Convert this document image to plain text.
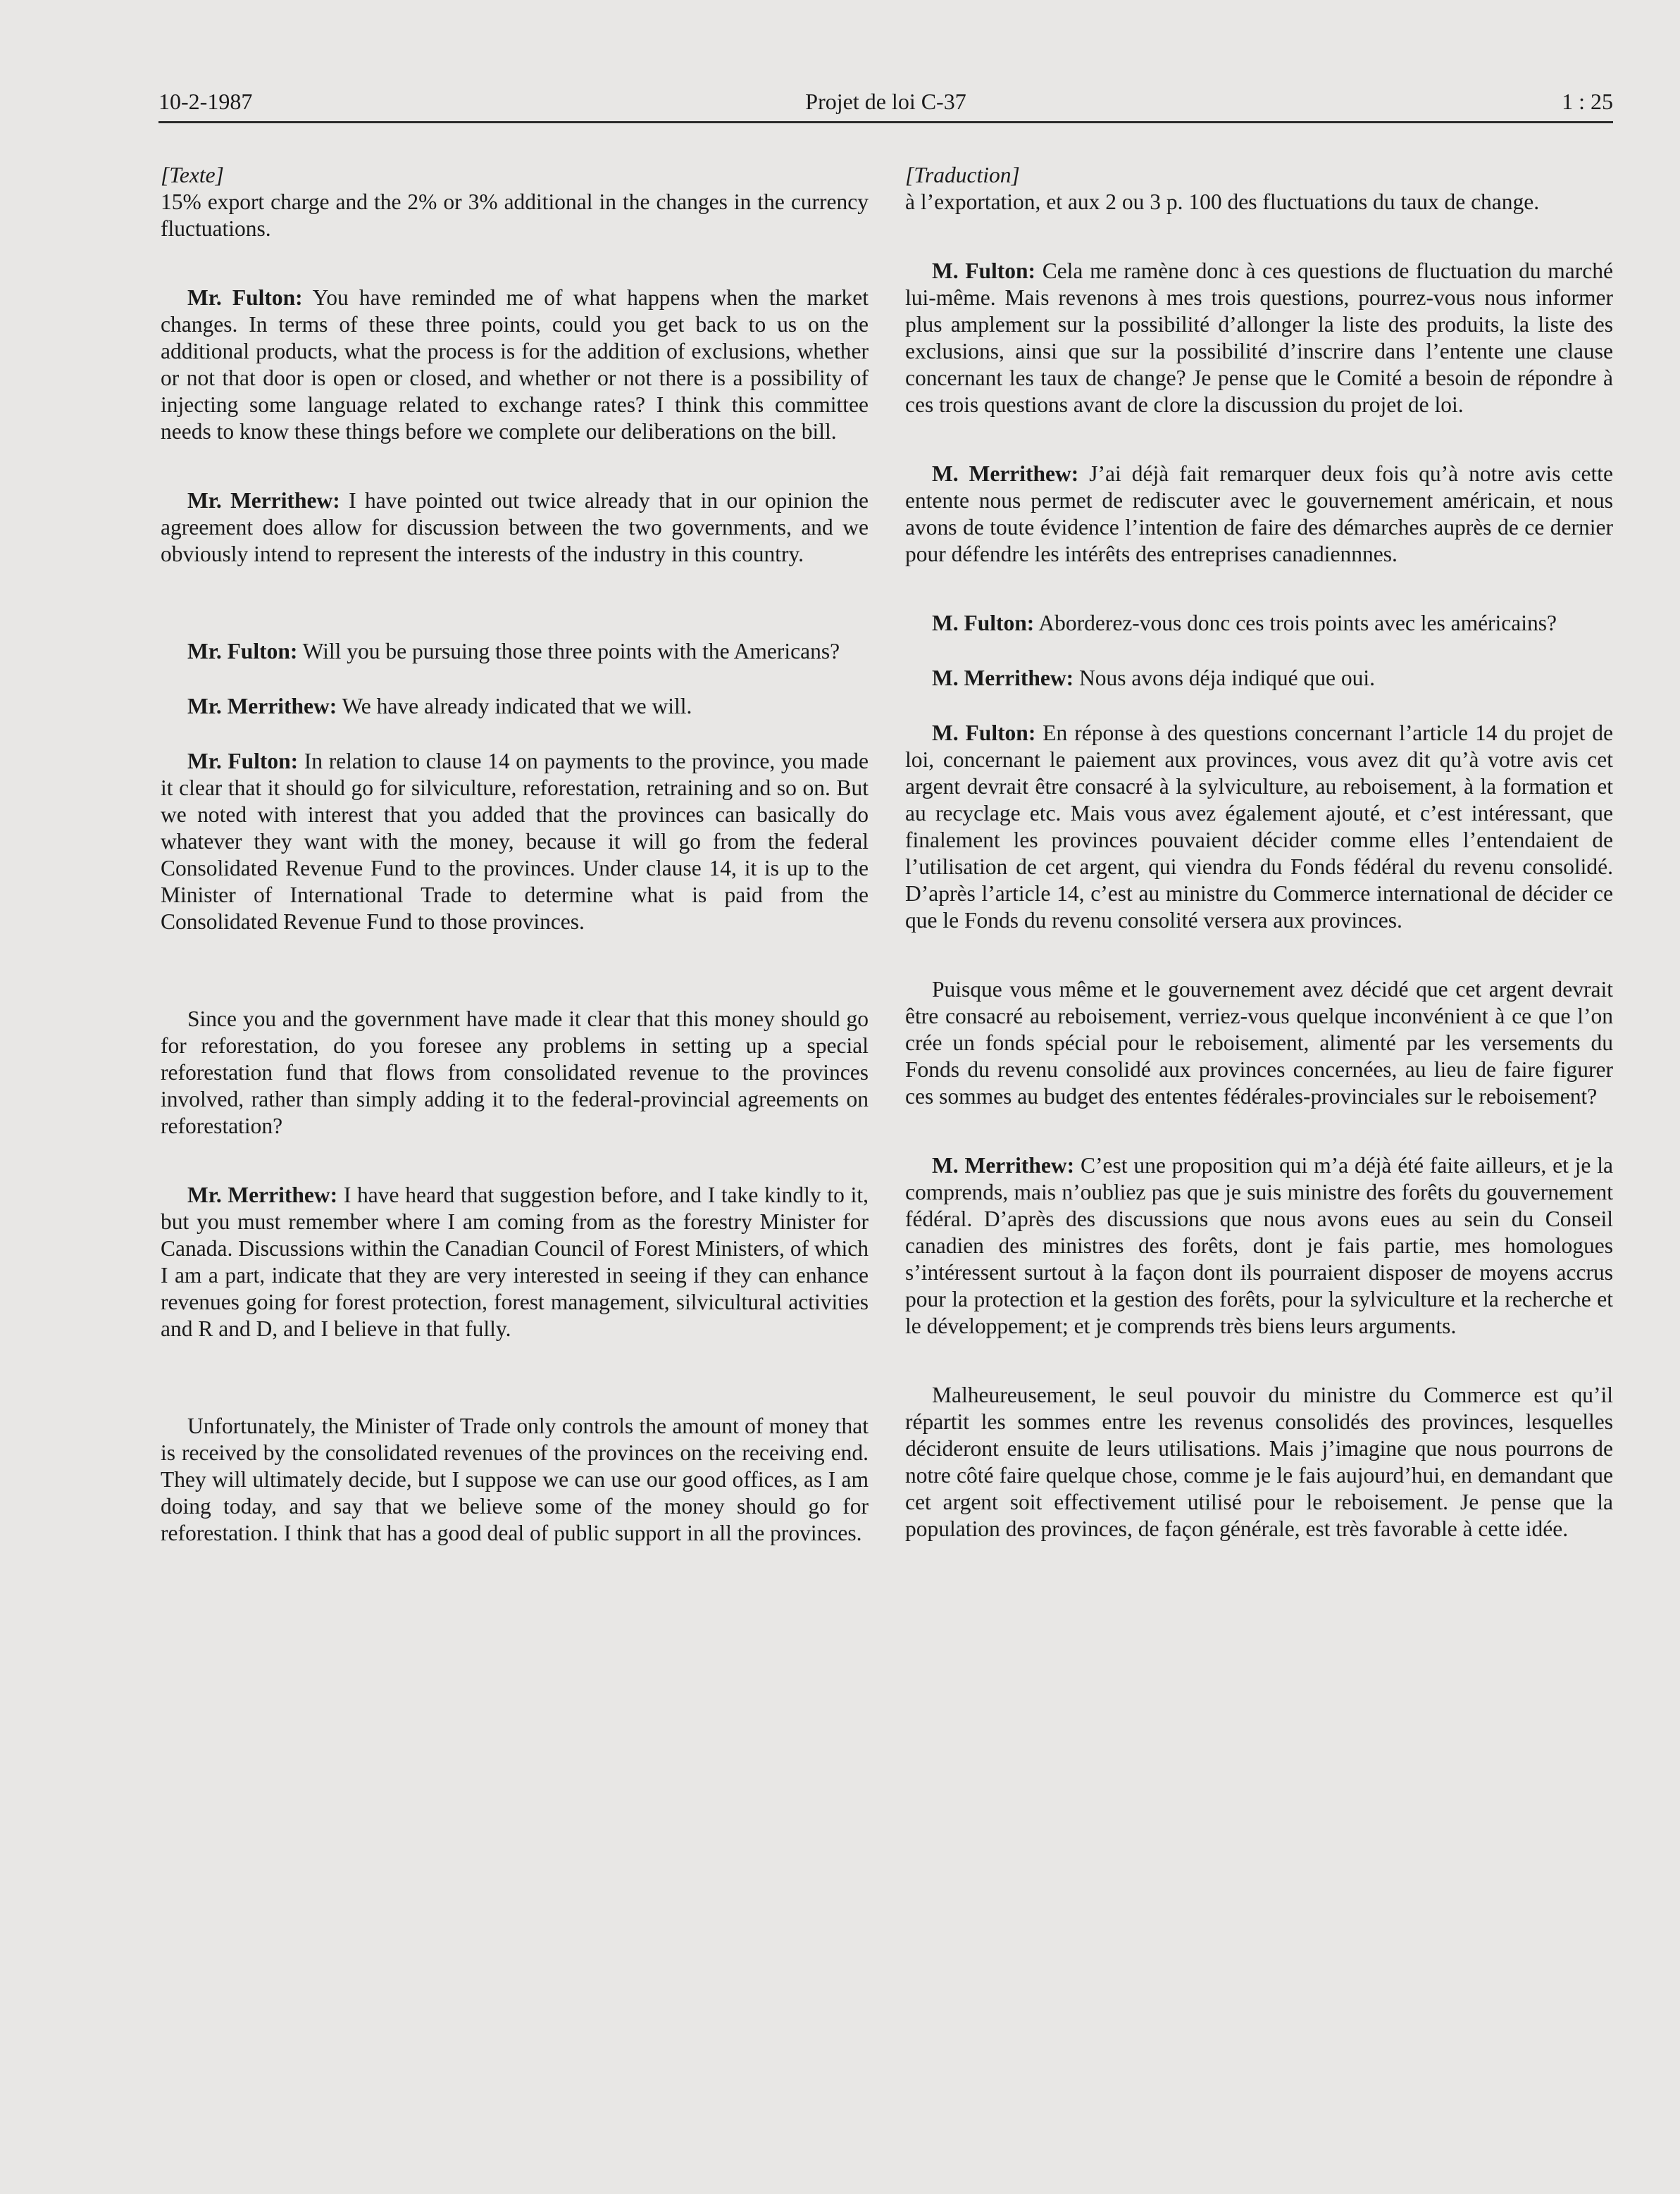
10-2-1987	Projet de loi C-37	1 : 25

[Texte]

15% export charge and the 2% or 3% additional in the changes in the currency fluctuations.

Mr. Fulton: You have reminded me of what happens when the market changes. In terms of these three points, could you get back to us on the additional products, what the process is for the addition of exclusions, whether or not that door is open or closed, and whether or not there is a possibility of injecting some language related to exchange rates? I think this committee needs to know these things before we complete our deliberations on the bill.

Mr. Merrithew: I have pointed out twice already that in our opinion the agreement does allow for discussion between the two governments, and we obviously intend to represent the interests of the industry in this country.

Mr. Fulton: Will you be pursuing those three points with the Americans?

Mr. Merrithew: We have already indicated that we will.

Mr. Fulton: In relation to clause 14 on payments to the province, you made it clear that it should go for silviculture, reforestation, retraining and so on. But we noted with interest that you added that the provinces can basically do whatever they want with the money, because it will go from the federal Consolidated Revenue Fund to the provinces. Under clause 14, it is up to the Minister of International Trade to determine what is paid from the Consolidated Revenue Fund to those provinces.

Since you and the government have made it clear that this money should go for reforestation, do you foresee any problems in setting up a special reforestation fund that flows from consolidated revenue to the provinces involved, rather than simply adding it to the federal-provincial agreements on reforestation?

Mr. Merrithew: I have heard that suggestion before, and I take kindly to it, but you must remember where I am coming from as the forestry Minister for Canada. Discussions within the Canadian Council of Forest Ministers, of which I am a part, indicate that they are very interested in seeing if they can enhance revenues going for forest protection, forest management, silvicultural activities and R and D, and I believe in that fully.

Unfortunately, the Minister of Trade only controls the amount of money that is received by the consolidated revenues of the provinces on the receiving end. They will ultimately decide, but I suppose we can use our good offices, as I am doing today, and say that we believe some of the money should go for reforestation. I think that has a good deal of public support in all the provinces.

[Traduction]

à l’exportation, et aux 2 ou 3 p. 100 des fluctuations du taux de change.

M. Fulton: Cela me ramène donc à ces questions de fluctuation du marché lui-même. Mais revenons à mes trois questions, pourrez-vous nous informer plus amplement sur la possibilité d’allonger la liste des produits, la liste des exclusions, ainsi que sur la possibilité d’inscrire dans l’entente une clause concernant les taux de change? Je pense que le Comité a besoin de répondre à ces trois questions avant de clore la discussion du projet de loi.

M. Merrithew: J’ai déjà fait remarquer deux fois qu’à notre avis cette entente nous permet de rediscuter avec le gouvernement américain, et nous avons de toute évidence l’intention de faire des démarches auprès de ce dernier pour défendre les intérêts des entreprises canadiennnes.

M. Fulton: Aborderez-vous donc ces trois points avec les américains?

M. Merrithew: Nous avons déja indiqué que oui.

M. Fulton: En réponse à des questions concernant l’article 14 du projet de loi, concernant le paiement aux provinces, vous avez dit qu’à votre avis cet argent devrait être consacré à la sylviculture, au reboisement, à la formation et au recyclage etc. Mais vous avez également ajouté, et c’est intéressant, que finalement les provinces pouvaient décider comme elles l’entendaient de l’utilisation de cet argent, qui viendra du Fonds fédéral du revenu consolidé. D’après l’article 14, c’est au ministre du Commerce international de décider ce que le Fonds du revenu consolité versera aux provinces.

Puisque vous même et le gouvernement avez décidé que cet argent devrait être consacré au reboisement, verriez-vous quelque inconvénient à ce que l’on crée un fonds spécial pour le reboisement, alimenté par les versements du Fonds du revenu consolidé aux provinces concernées, au lieu de faire figurer ces sommes au budget des ententes fédérales-provinciales sur le reboisement?

M. Merrithew: C’est une proposition qui m’a déjà été faite ailleurs, et je la comprends, mais n’oubliez pas que je suis ministre des forêts du gouvernement fédéral. D’après des discussions que nous avons eues au sein du Conseil canadien des ministres des forêts, dont je fais partie, mes homologues s’intéressent surtout à la façon dont ils pourraient disposer de moyens accrus pour la protection et la gestion des forêts, pour la sylviculture et la recherche et le développement; et je comprends très biens leurs arguments.

Malheureusement, le seul pouvoir du ministre du Commerce est qu’il répartit les sommes entre les revenus consolidés des provinces, lesquelles décideront ensuite de leurs utilisations. Mais j’imagine que nous pourrons de notre côté faire quelque chose, comme je le fais aujourd’hui, en demandant que cet argent soit effectivement utilisé pour le reboisement. Je pense que la population des provinces, de façon générale, est très favorable à cette idée.
